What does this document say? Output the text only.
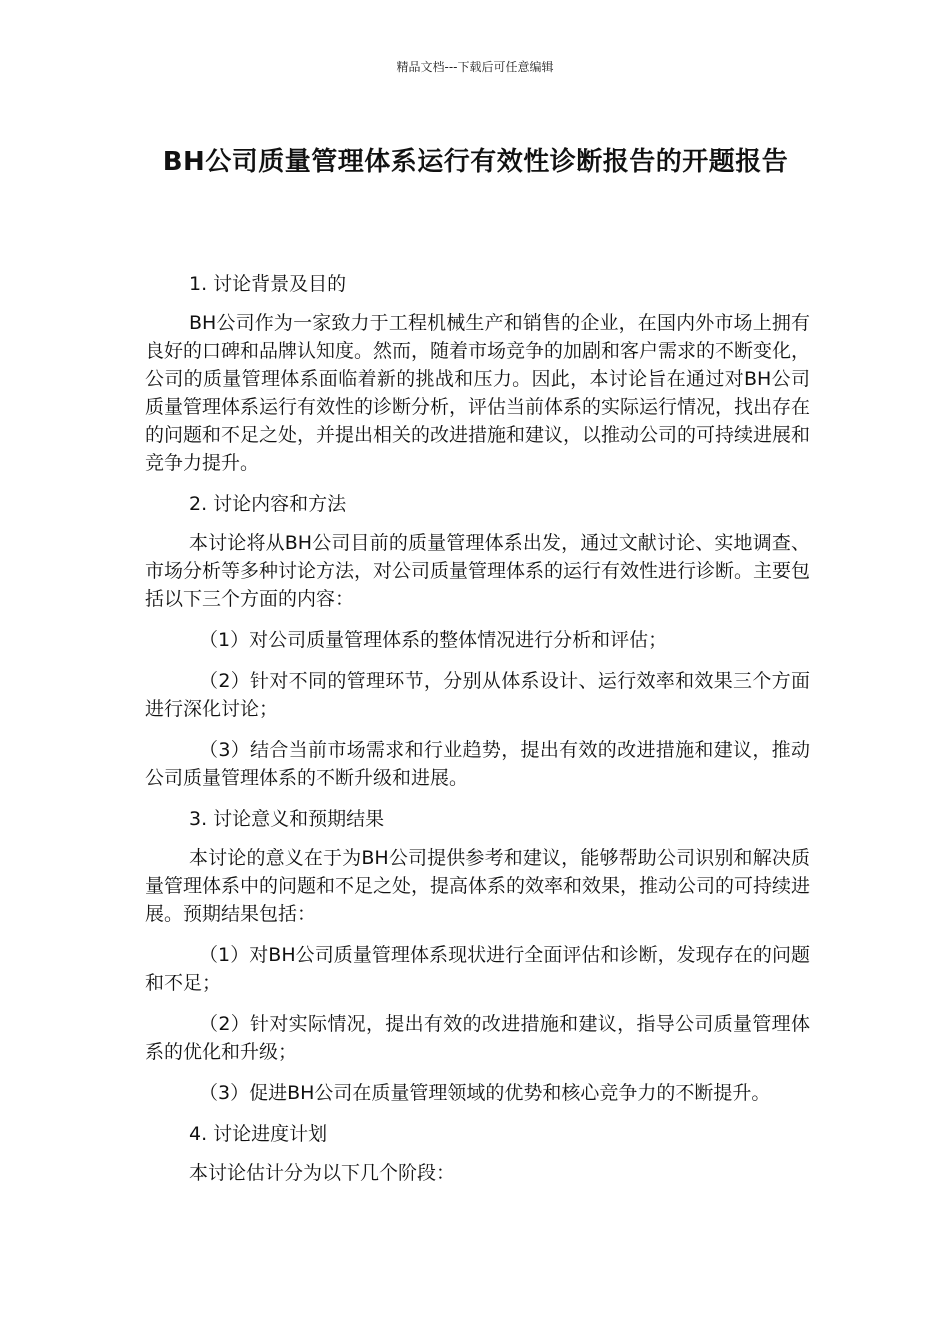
精品文档---下载后可任意编辑
BH公司质量管理体系运行有效性诊断报告的开题报告

1. 讨论背景及目的

BH公司作为一家致力于工程机械生产和销售的企业，在国内外市场上拥有良好的口碑和品牌认知度。然而，随着市场竞争的加剧和客户需求的不断变化，公司的质量管理体系面临着新的挑战和压力。因此，本讨论旨在通过对BH公司质量管理体系运行有效性的诊断分析，评估当前体系的实际运行情况，找出存在的问题和不足之处，并提出相关的改进措施和建议，以推动公司的可持续进展和竞争力提升。

2. 讨论内容和方法

本讨论将从BH公司目前的质量管理体系出发，通过文献讨论、实地调查、市场分析等多种讨论方法，对公司质量管理体系的运行有效性进行诊断。主要包括以下三个方面的内容：

（1）对公司质量管理体系的整体情况进行分析和评估；

（2）针对不同的管理环节，分别从体系设计、运行效率和效果三个方面进行深化讨论；

（3）结合当前市场需求和行业趋势，提出有效的改进措施和建议，推动公司质量管理体系的不断升级和进展。

3. 讨论意义和预期结果

本讨论的意义在于为BH公司提供参考和建议，能够帮助公司识别和解决质量管理体系中的问题和不足之处，提高体系的效率和效果，推动公司的可持续进展。预期结果包括：

（1）对BH公司质量管理体系现状进行全面评估和诊断，发现存在的问题和不足；

（2）针对实际情况，提出有效的改进措施和建议，指导公司质量管理体系的优化和升级；

（3）促进BH公司在质量管理领域的优势和核心竞争力的不断提升。

4. 讨论进度计划

本讨论估计分为以下几个阶段：
